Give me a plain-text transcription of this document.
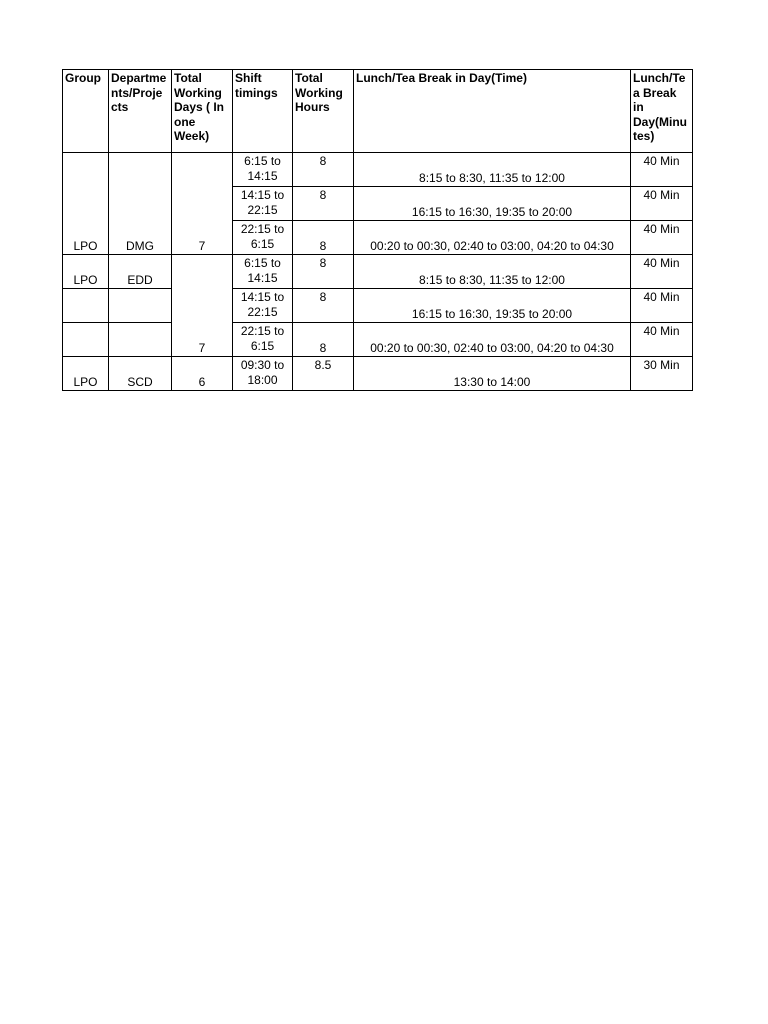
Group	Departments/Projects	Total Working Days ( In one Week)	Shift timings	Total Working Hours	Lunch/Tea Break in Day(Time)	Lunch/Tea Break in Day(Minutes)
LPO	DMG	7	6:15 to 14:15	8	8:15 to 8:30, 11:35 to 12:00	40 Min
			14:15 to 22:15	8	16:15 to 16:30, 19:35 to 20:00	40 Min
			22:15 to 6:15	8	00:20 to 00:30, 02:40 to 03:00, 04:20 to 04:30	40 Min
LPO	EDD	7	6:15 to 14:15	8	8:15 to 8:30, 11:35 to 12:00	40 Min
			14:15 to 22:15	8	16:15 to 16:30, 19:35 to 20:00	40 Min
			22:15 to 6:15	8	00:20 to 00:30, 02:40 to 03:00, 04:20 to 04:30	40 Min
LPO	SCD	6	09:30 to 18:00	8.5	13:30 to 14:00	30 Min
